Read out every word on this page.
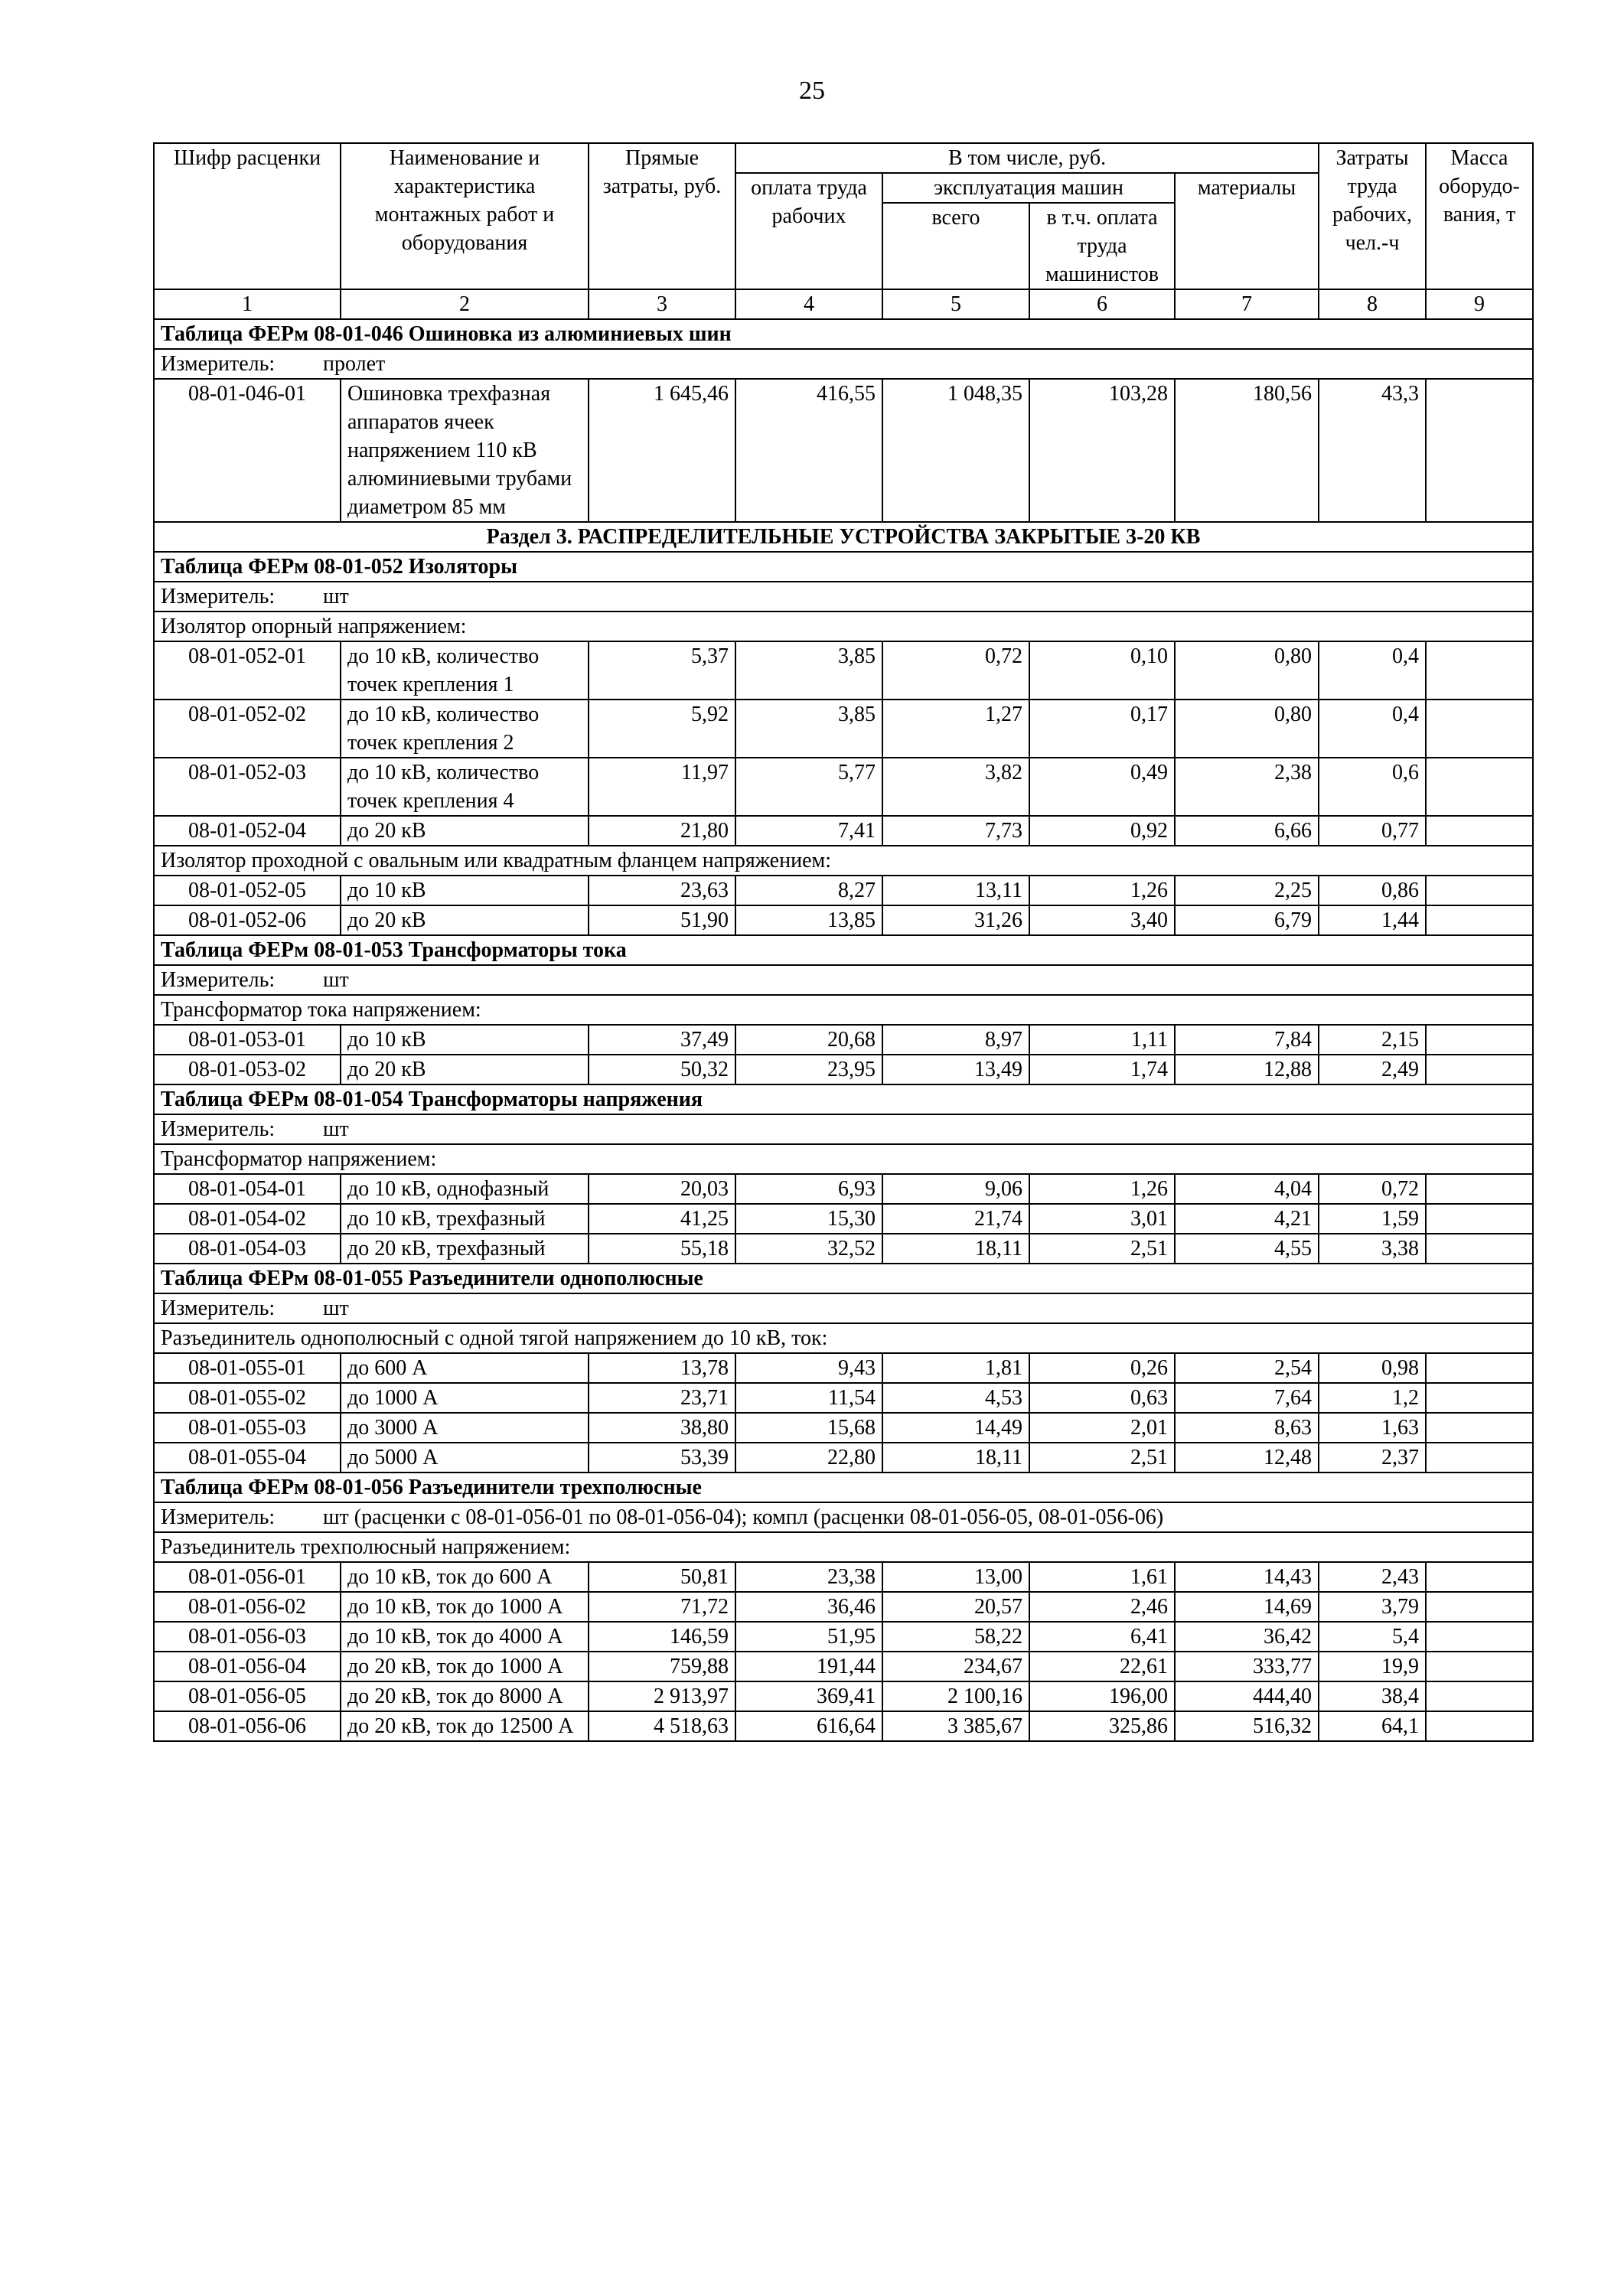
25
Шифр расценки	Наименование и характеристика монтажных работ и оборудования	Прямые затраты, руб.	В том числе, руб.				Затраты труда рабочих, чел.-ч	Масса оборудо-вания, т
			оплата труда рабочих	эксплуатация машин		материалы		
				всего	в т.ч. оплата труда машинистов			

1	2	3	4	5	6	7	8	9
Таблица ФЕРм 08-01-046 Ошиновка из алюминиевых шин								
Измеритель: пролет								
08-01-046-01	Ошиновка трехфазная аппаратов ячеек напряжением 110 кВ алюминиевыми трубами диаметром 85 мм	1 645,46	416,55	1 048,35	103,28	180,56	43,3	
Раздел 3. РАСПРЕДЕЛИТЕЛЬНЫЕ УСТРОЙСТВА ЗАКРЫТЫЕ 3-20 КВ								
Таблица ФЕРм 08-01-052 Изоляторы								
Измеритель: шт								
Изолятор опорный напряжением:								
08-01-052-01	до 10 кВ, количество точек крепления 1	5,37	3,85	0,72	0,10	0,80	0,4	
08-01-052-02	до 10 кВ, количество точек крепления 2	5,92	3,85	1,27	0,17	0,80	0,4	
08-01-052-03	до 10 кВ, количество точек крепления 4	11,97	5,77	3,82	0,49	2,38	0,6	
08-01-052-04	до 20 кВ	21,80	7,41	7,73	0,92	6,66	0,77	
Изолятор проходной с овальным или квадратным фланцем напряжением:								
08-01-052-05	до 10 кВ	23,63	8,27	13,11	1,26	2,25	0,86	
08-01-052-06	до 20 кВ	51,90	13,85	31,26	3,40	6,79	1,44	
Таблица ФЕРм 08-01-053 Трансформаторы тока								
Измеритель: шт								
Трансформатор тока напряжением:								
08-01-053-01	до 10 кВ	37,49	20,68	8,97	1,11	7,84	2,15	
08-01-053-02	до 20 кВ	50,32	23,95	13,49	1,74	12,88	2,49	
Таблица ФЕРм 08-01-054 Трансформаторы напряжения								
Измеритель: шт								
Трансформатор напряжением:								
08-01-054-01	до 10 кВ, однофазный	20,03	6,93	9,06	1,26	4,04	0,72	
08-01-054-02	до 10 кВ, трехфазный	41,25	15,30	21,74	3,01	4,21	1,59	
08-01-054-03	до 20 кВ, трехфазный	55,18	32,52	18,11	2,51	4,55	3,38	
Таблица ФЕРм 08-01-055 Разъединители однополюсные								
Измеритель: шт								
Разъединитель однополюсный с одной тягой напряжением до 10 кВ, ток:								
08-01-055-01	до 600 А	13,78	9,43	1,81	0,26	2,54	0,98	
08-01-055-02	до 1000 А	23,71	11,54	4,53	0,63	7,64	1,2	
08-01-055-03	до 3000 А	38,80	15,68	14,49	2,01	8,63	1,63	
08-01-055-04	до 5000 А	53,39	22,80	18,11	2,51	12,48	2,37	
Таблица ФЕРм 08-01-056 Разъединители трехполюсные								
Измеритель: шт (расценки с 08-01-056-01 по 08-01-056-04); компл (расценки 08-01-056-05, 08-01-056-06)								
Разъединитель трехполюсный напряжением:								
08-01-056-01	до 10 кВ, ток до 600 А	50,81	23,38	13,00	1,61	14,43	2,43	
08-01-056-02	до 10 кВ, ток до 1000 А	71,72	36,46	20,57	2,46	14,69	3,79	
08-01-056-03	до 10 кВ, ток до 4000 А	146,59	51,95	58,22	6,41	36,42	5,4	
08-01-056-04	до 20 кВ, ток до 1000 А	759,88	191,44	234,67	22,61	333,77	19,9	
08-01-056-05	до 20 кВ, ток до 8000 А	2 913,97	369,41	2 100,16	196,00	444,40	38,4	
08-01-056-06	до 20 кВ, ток до 12500 А	4 518,63	616,64	3 385,67	325,86	516,32	64,1	
